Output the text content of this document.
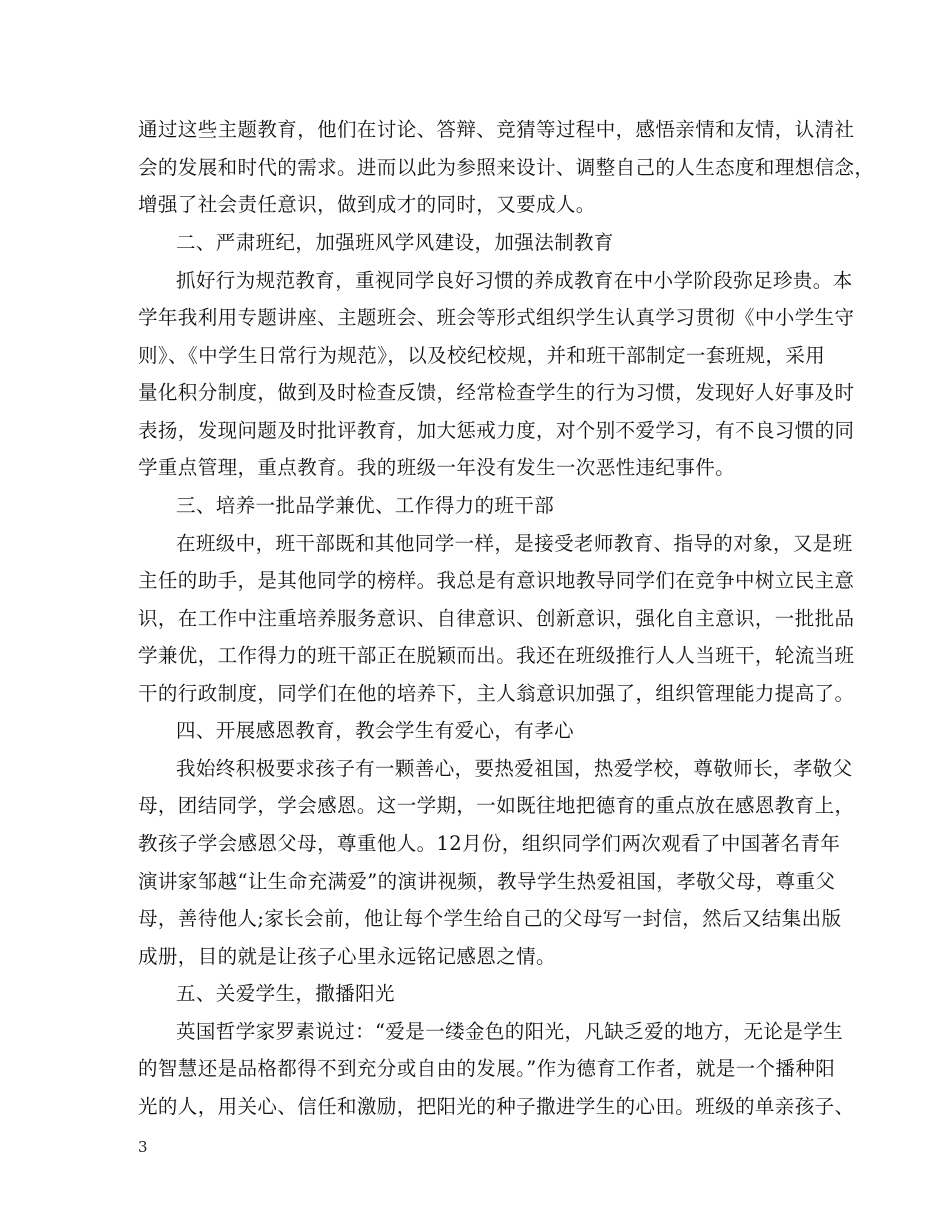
通过这些主题教育，他们在讨论、答辩、竞猜等过程中，感悟亲情和友情，认清社
会的发展和时代的需求。进而以此为参照来设计、调整自己的人生态度和理想信念，
增强了社会责任意识，做到成才的同时，又要成人。
二、严肃班纪，加强班风学风建设，加强法制教育
抓好行为规范教育，重视同学良好习惯的养成教育在中小学阶段弥足珍贵。本
学年我利用专题讲座、主题班会、班会等形式组织学生认真学习贯彻《中小学生守
则》、《中学生日常行为规范》，以及校纪校规，并和班干部制定一套班规，采用
量化积分制度，做到及时检查反馈，经常检查学生的行为习惯，发现好人好事及时
表扬，发现问题及时批评教育，加大惩戒力度，对个别不爱学习，有不良习惯的同
学重点管理，重点教育。我的班级一年没有发生一次恶性违纪事件。
三、培养一批品学兼优、工作得力的班干部
在班级中，班干部既和其他同学一样，是接受老师教育、指导的对象，又是班
主任的助手，是其他同学的榜样。我总是有意识地教导同学们在竞争中树立民主意
识，在工作中注重培养服务意识、自律意识、创新意识，强化自主意识，一批批品
学兼优，工作得力的班干部正在脱颖而出。我还在班级推行人人当班干，轮流当班
干的行政制度，同学们在他的培养下，主人翁意识加强了，组织管理能力提高了。
四、开展感恩教育，教会学生有爱心，有孝心
我始终积极要求孩子有一颗善心，要热爱祖国，热爱学校，尊敬师长，孝敬父
母，团结同学，学会感恩。这一学期，一如既往地把德育的重点放在感恩教育上，
教孩子学会感恩父母，尊重他人。12月份，组织同学们两次观看了中国著名青年
演讲家邹越“让生命充满爱”的演讲视频，教导学生热爱祖国，孝敬父母，尊重父
母，善待他人;家长会前，他让每个学生给自己的父母写一封信，然后又结集出版
成册，目的就是让孩子心里永远铭记感恩之情。
五、关爱学生，撒播阳光
英国哲学家罗素说过：“爱是一缕金色的阳光，凡缺乏爱的地方，无论是学生
的智慧还是品格都得不到充分或自由的发展。”作为德育工作者，就是一个播种阳
光的人，用关心、信任和激励，把阳光的种子撒进学生的心田。班级的单亲孩子、
3
